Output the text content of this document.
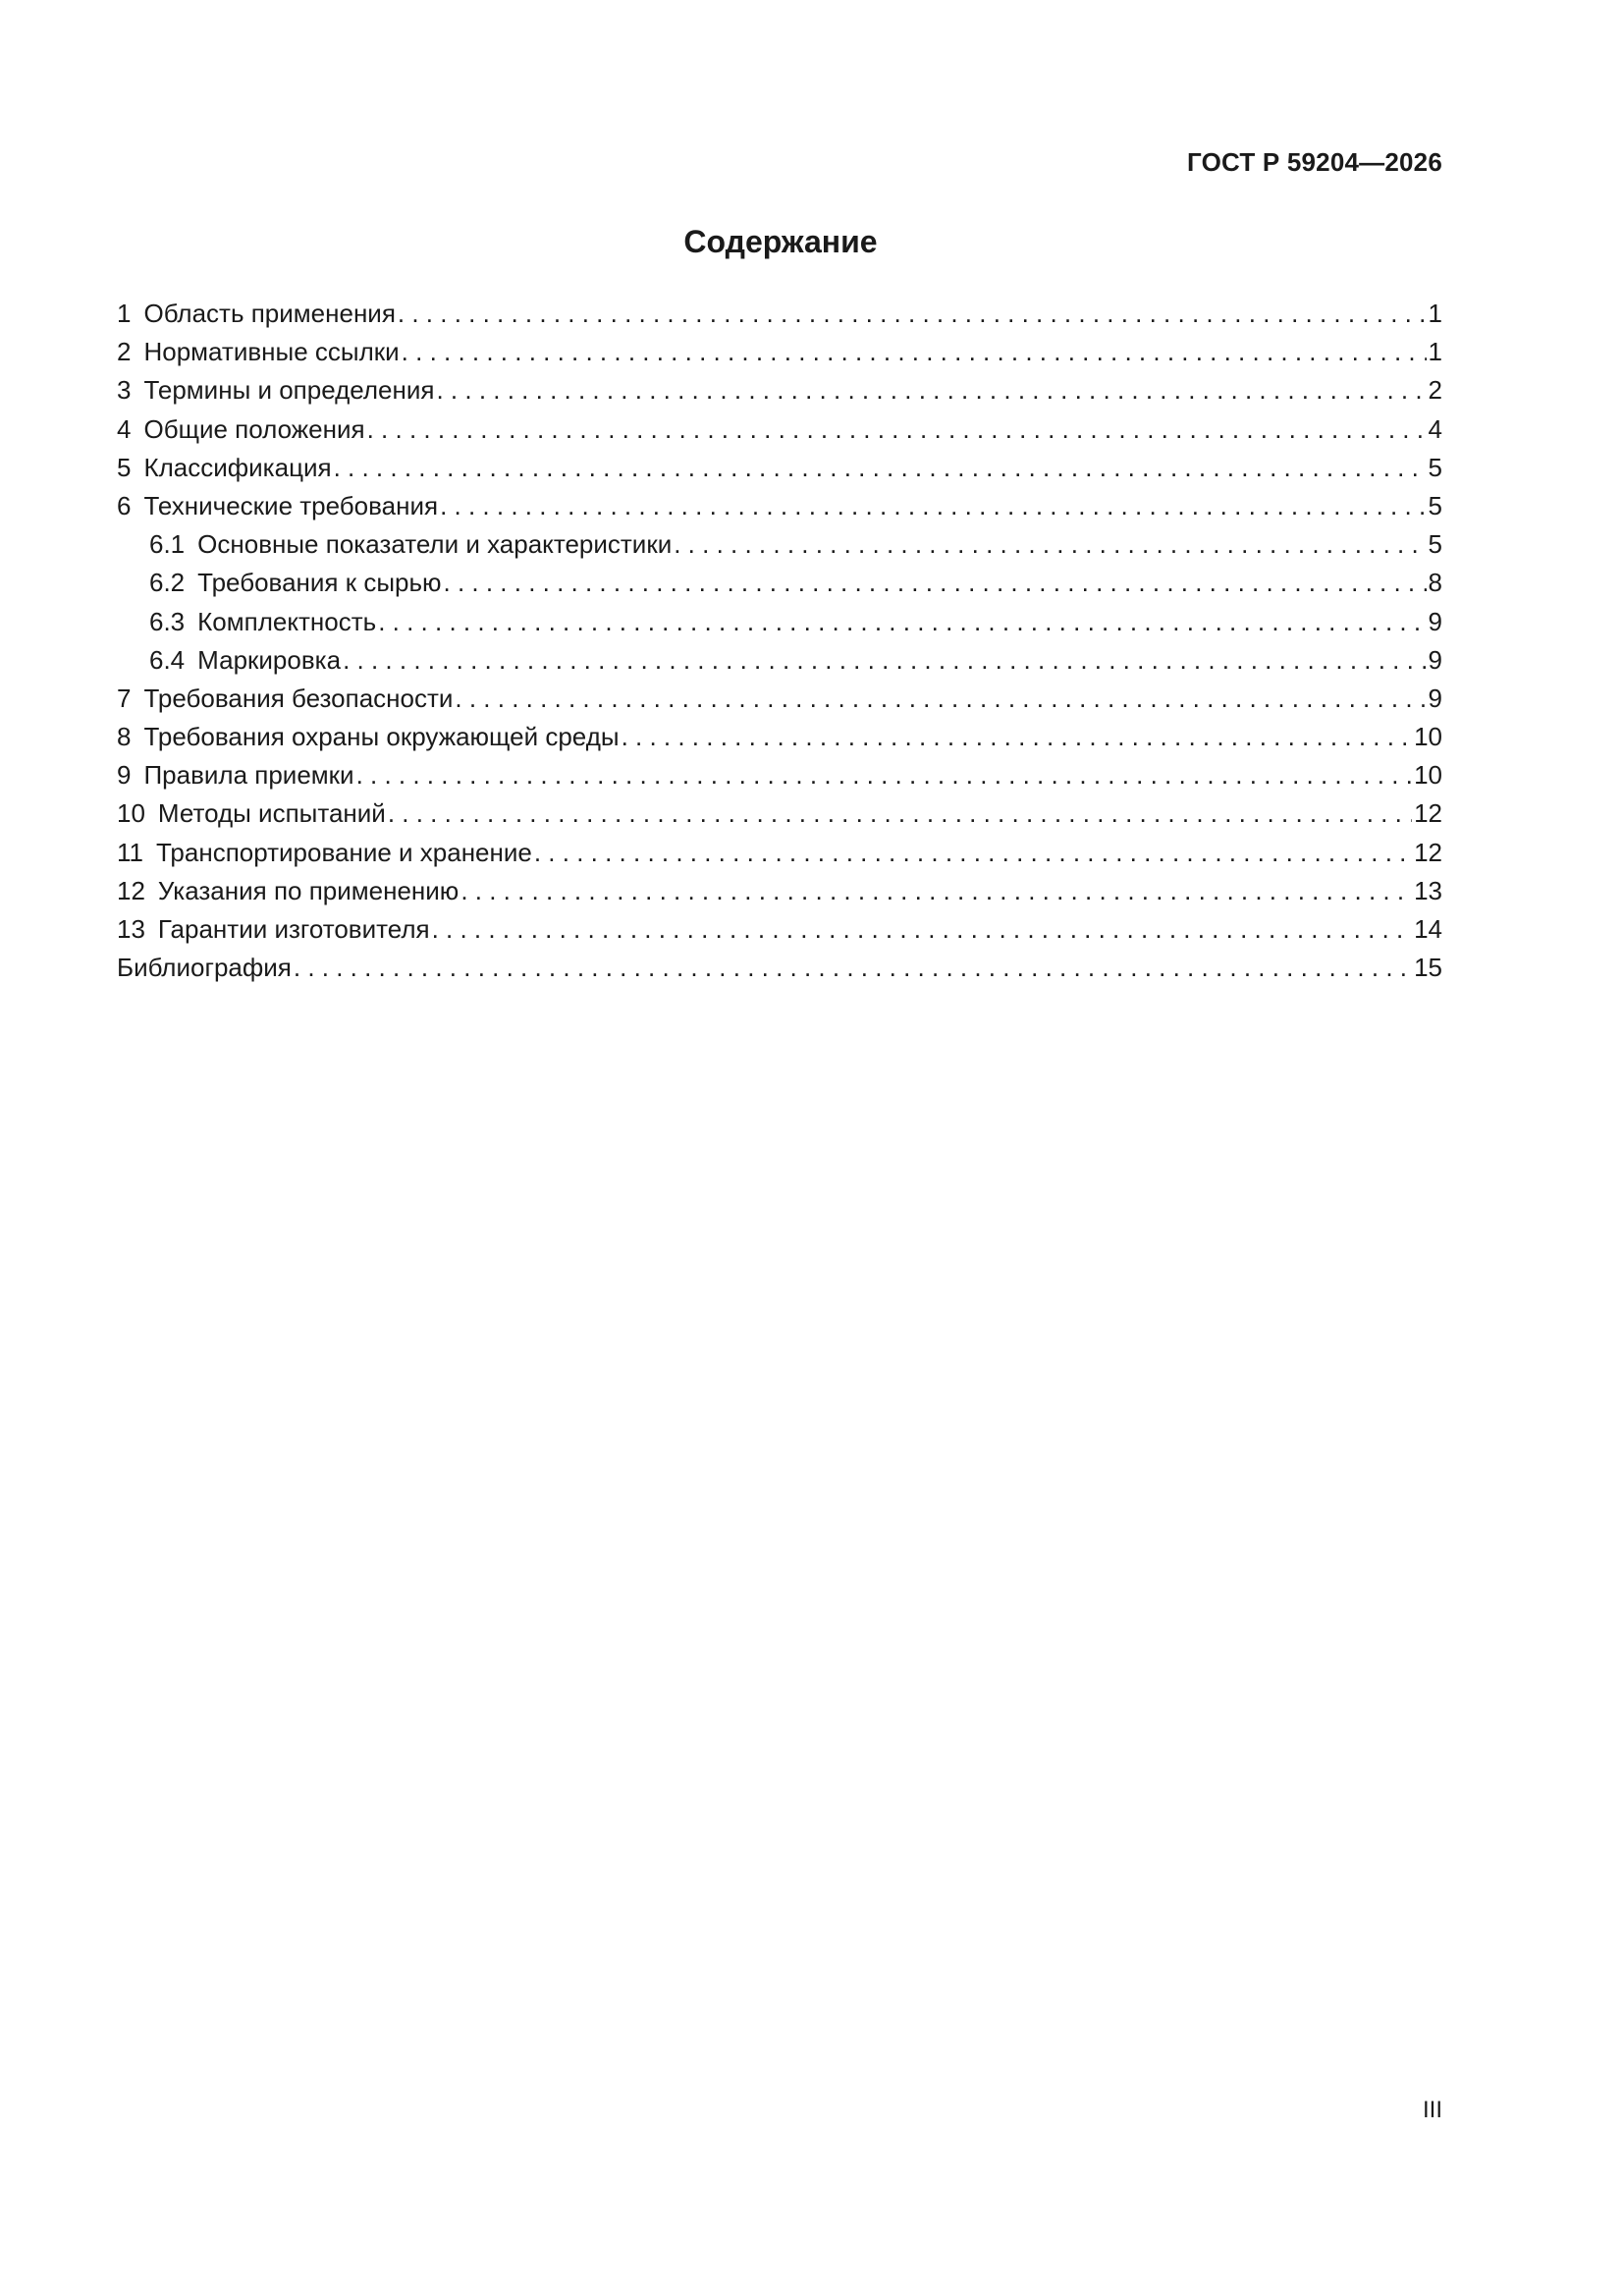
ГОСТ Р 59204—2026

Содержание
1 Область применения . . .	1
2 Нормативные ссылки . . .	1
3 Термины и определения . . .	2
4 Общие положения . . .	4
5 Классификация . . .	5
6 Технические требования . . .	5
6.1 Основные показатели и характеристики . . .	5
6.2 Требования к сырью . . .	8
6.3 Комплектность . . .	9
6.4 Маркировка . . .	9
7 Требования безопасности . . .	9
8 Требования охраны окружающей среды . . .	10
9 Правила приемки . . .	10
10 Методы испытаний . . .	12
11 Транспортирование и хранение . . .	12
12 Указания по применению . . .	13
13 Гарантии изготовителя . . .	14
Библиография . . .	15

III
